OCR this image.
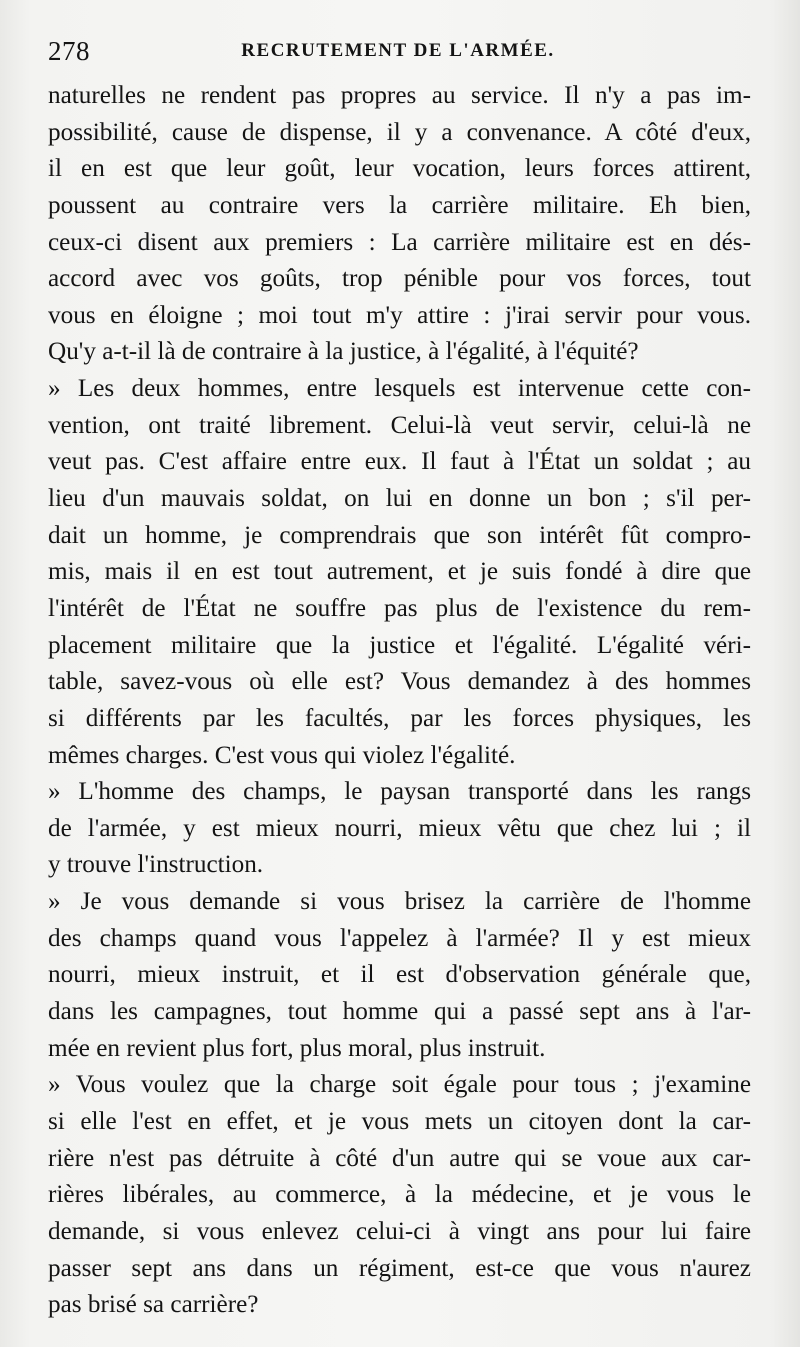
278	RECRUTEMENT DE L'ARMÉE.
naturelles ne rendent pas propres au service. Il n'y a pas im-
possibilité, cause de dispense, il y a convenance. A côté d'eux,
il en est que leur goût, leur vocation, leurs forces attirent,
poussent au contraire vers la carrière militaire. Eh bien,
ceux-ci disent aux premiers : La carrière militaire est en dés-
accord avec vos goûts, trop pénible pour vos forces, tout
vous en éloigne ; moi tout m'y attire : j'irai servir pour vous.
Qu'y a-t-il là de contraire à la justice, à l'égalité, à l'équité?
» Les deux hommes, entre lesquels est intervenue cette con-
vention, ont traité librement. Celui-là veut servir, celui-là ne
veut pas. C'est affaire entre eux. Il faut à l'État un soldat ; au
lieu d'un mauvais soldat, on lui en donne un bon ; s'il per-
dait un homme, je comprendrais que son intérêt fût compro-
mis, mais il en est tout autrement, et je suis fondé à dire que
l'intérêt de l'État ne souffre pas plus de l'existence du rem-
placement militaire que la justice et l'égalité. L'égalité véri-
table, savez-vous où elle est? Vous demandez à des hommes
si différents par les facultés, par les forces physiques, les
mêmes charges. C'est vous qui violez l'égalité.
» L'homme des champs, le paysan transporté dans les rangs
de l'armée, y est mieux nourri, mieux vêtu que chez lui ; il
y trouve l'instruction.
» Je vous demande si vous brisez la carrière de l'homme
des champs quand vous l'appelez à l'armée? Il y est mieux
nourri, mieux instruit, et il est d'observation générale que,
dans les campagnes, tout homme qui a passé sept ans à l'ar-
mée en revient plus fort, plus moral, plus instruit.
» Vous voulez que la charge soit égale pour tous ; j'examine
si elle l'est en effet, et je vous mets un citoyen dont la car-
rière n'est pas détruite à côté d'un autre qui se voue aux car-
rières libérales, au commerce, à la médecine, et je vous le
demande, si vous enlevez celui-ci à vingt ans pour lui faire
passer sept ans dans un régiment, est-ce que vous n'aurez
pas brisé sa carrière?
